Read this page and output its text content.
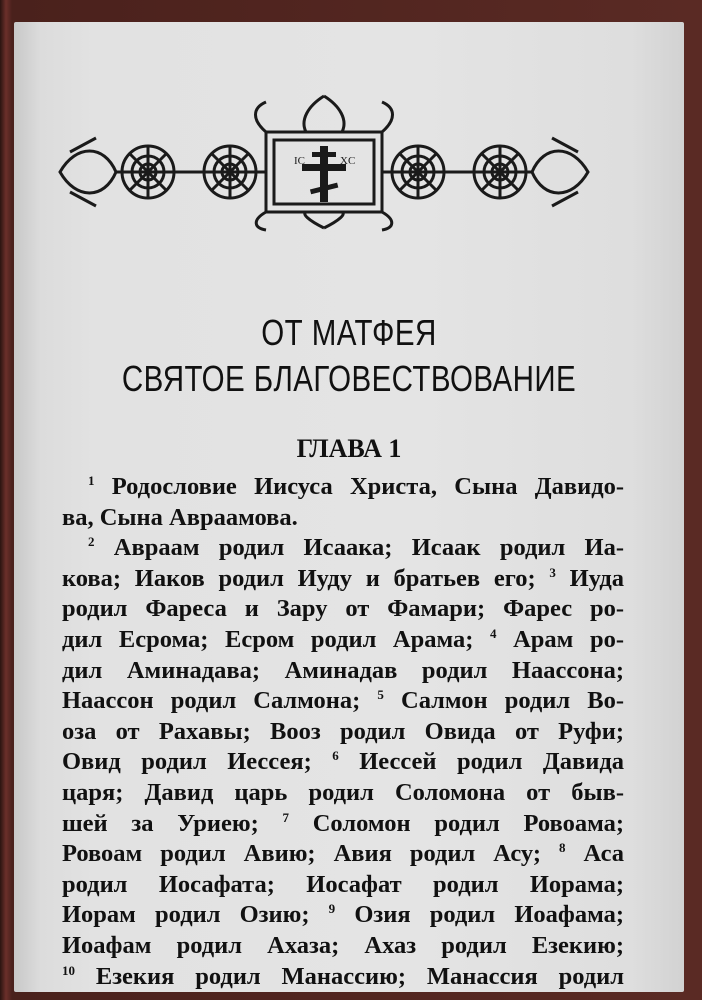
IC	XC
ОТ МАТФЕЯ
СВЯТОЕ БЛАГОВЕСТВОВАНИЕ
ГЛАВА 1
$^1$ Родословие Иисуса Христа, Сына Давидо-
ва, Сына Авраамова.
$^2$ Авраам родил Исаака; Исаак родил Иа-
кова; Иаков родил Иуду и братьев его; $^3$ Иуда
родил Фареса и Зару от Фамари; Фарес ро-
дил Есрома; Есром родил Арама; $^4$ Арам ро-
дил Аминадава; Аминадав родил Наассона;
Наассон родил Салмона; $^5$ Салмон родил Во-
оза от Рахавы; Вооз родил Овида от Руфи;
Овид родил Иессея; $^6$ Иессей родил Давида
царя; Давид царь родил Соломона от быв-
шей за Уриею; $^7$ Соломон родил Ровоама;
Ровоам родил Авию; Авия родил Асу; $^8$ Аса
родил Иосафата; Иосафат родил Иорама;
Иорам родил Озию; $^9$ Озия родил Иоафама;
Иоафам родил Ахаза; Ахаз родил Езекию;
$^{10}$ Езекия родил Манассию; Манассия родил
